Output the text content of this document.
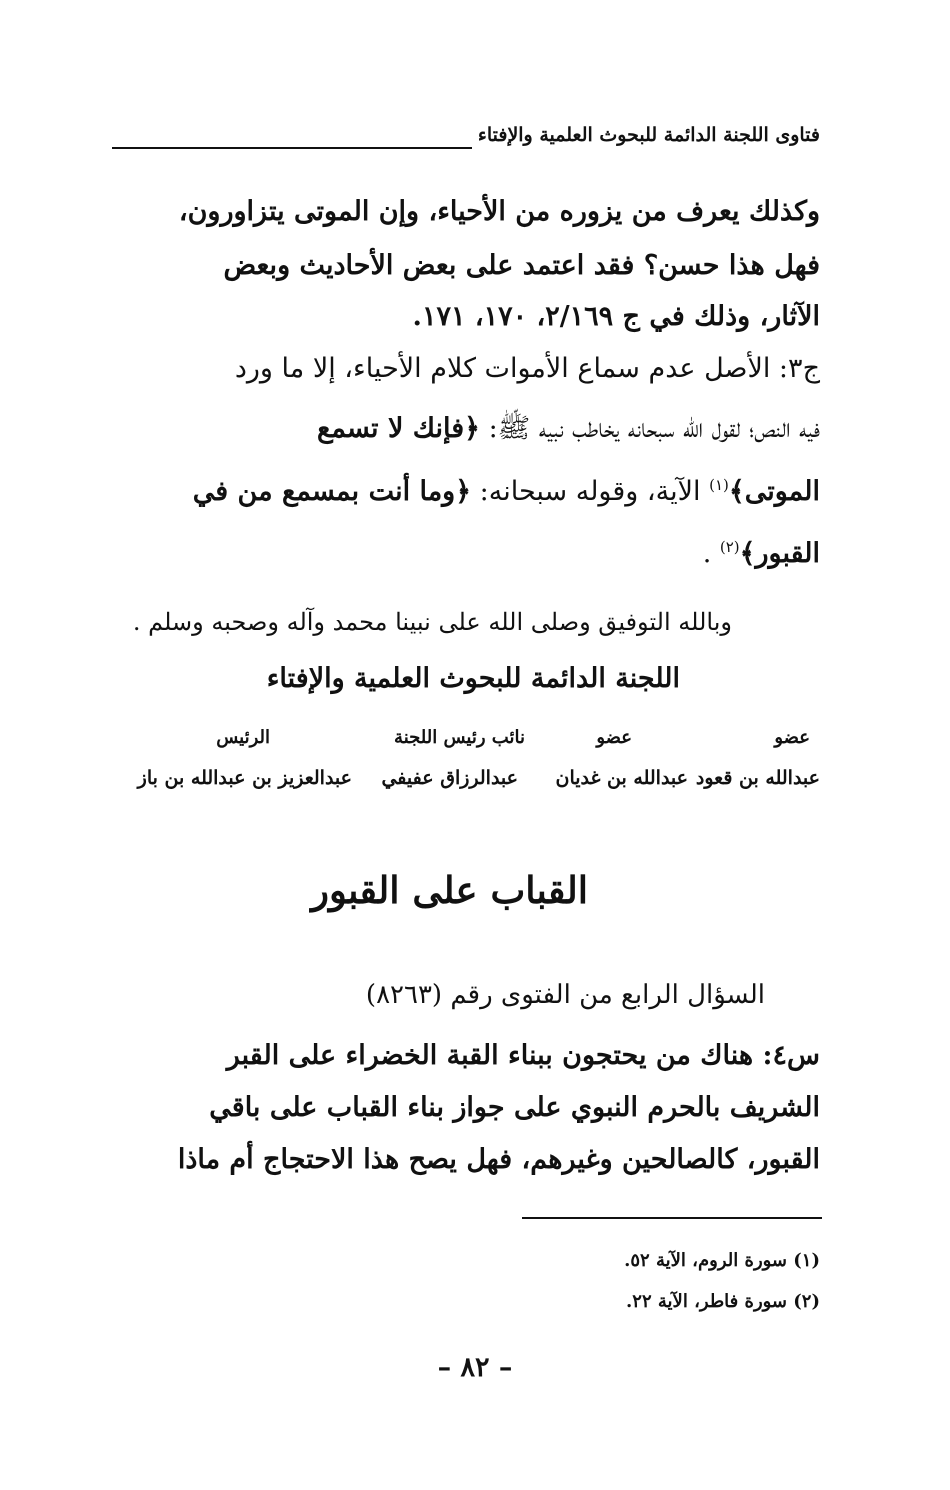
فتاوى اللجنة الدائمة للبحوث العلمية والإفتاء
وكذلك يعرف من يزوره من الأحياء، وإن الموتى يتزاورون،
فهل هذا حسن؟ فقد اعتمد على بعض الأحاديث وبعض
الآثار، وذلك في ج ٢/١٦٩، ١٧٠، ١٧١.
ج٣: الأصل عدم سماع الأموات كلام الأحياء، إلا ما ورد
فيه النص؛ لقول الله سبحانه يخاطب نبيه ﷺ: ﴿فإنك لا تسمع
الموتى﴾$^{(١)}$ الآية، وقوله سبحانه: ﴿وما أنت بمسمع من في
القبور﴾$^{(٢)}$ .
وبالله التوفيق وصلى الله على نبينا محمد وآله وصحبه وسلم .
اللجنة الدائمة للبحوث العلمية والإفتاء
عضو
عضو
نائب رئيس اللجنة
الرئيس
عبدالله بن قعود
عبدالله بن غديان
عبدالرزاق عفيفي
عبدالعزيز بن عبدالله بن باز
القباب على القبور
السؤال الرابع من الفتوى رقم (٨٢٦٣)
س٤: هناك من يحتجون ببناء القبة الخضراء على القبر
الشريف بالحرم النبوي على جواز بناء القباب على باقي
القبور، كالصالحين وغيرهم، فهل يصح هذا الاحتجاج أم ماذا
(١) سورة الروم، الآية ٥٢.
(٢) سورة فاطر، الآية ٢٢.
– ٨٢ –
